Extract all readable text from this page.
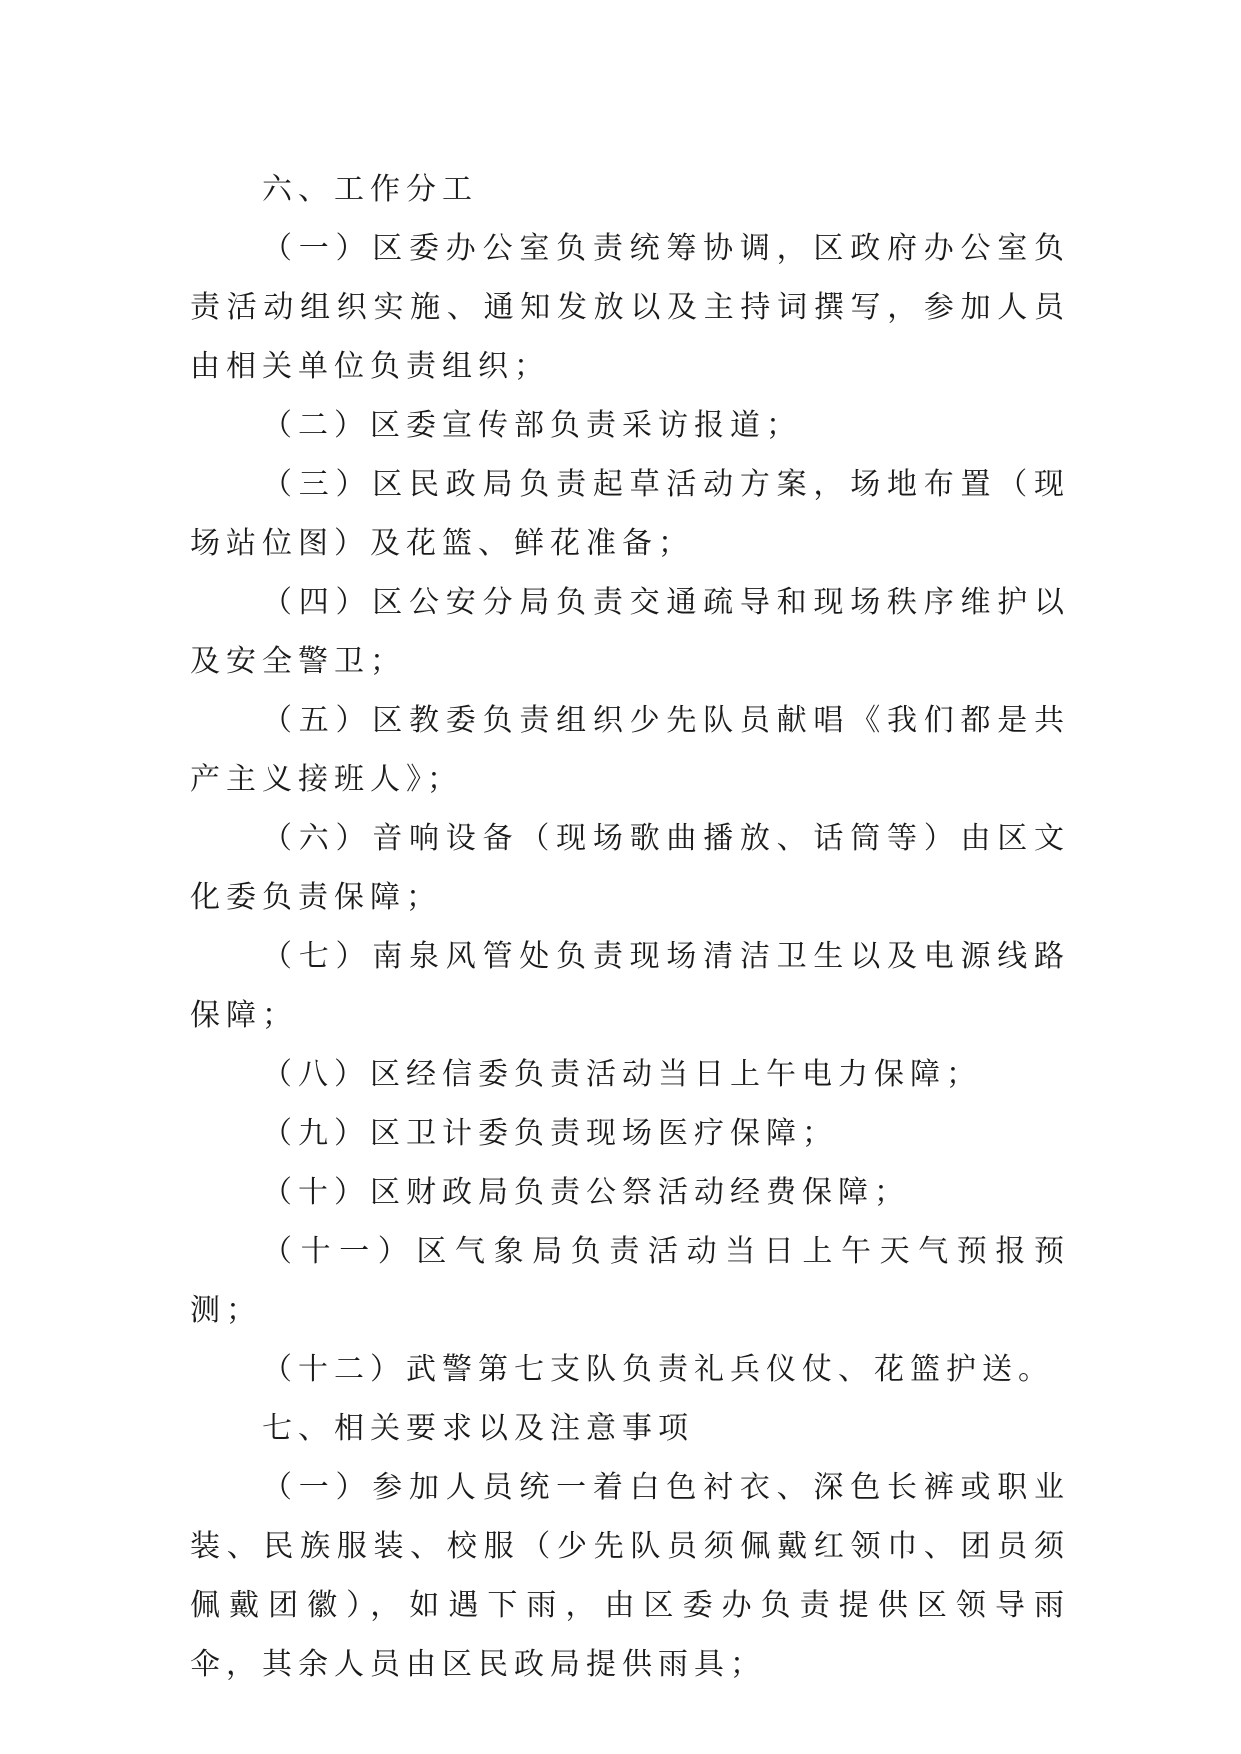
六、工作分工

（一）区委办公室负责统筹协调，区政府办公室负责活动组织实施、通知发放以及主持词撰写，参加人员由相关单位负责组织；

（二）区委宣传部负责采访报道；

（三）区民政局负责起草活动方案，场地布置（现场站位图）及花篮、鲜花准备；

（四）区公安分局负责交通疏导和现场秩序维护以及安全警卫；

（五）区教委负责组织少先队员献唱《我们都是共产主义接班人》；

（六）音响设备（现场歌曲播放、话筒等）由区文化委负责保障；

（七）南泉风管处负责现场清洁卫生以及电源线路保障；

（八）区经信委负责活动当日上午电力保障；

（九）区卫计委负责现场医疗保障；

（十）区财政局负责公祭活动经费保障；

（十一）区气象局负责活动当日上午天气预报预测；

（十二）武警第七支队负责礼兵仪仗、花篮护送。

七、相关要求以及注意事项

（一）参加人员统一着白色衬衣、深色长裤或职业装、民族服装、校服（少先队员须佩戴红领巾、团员须佩戴团徽），如遇下雨，由区委办负责提供区领导雨伞，其余人员由区民政局提供雨具；
